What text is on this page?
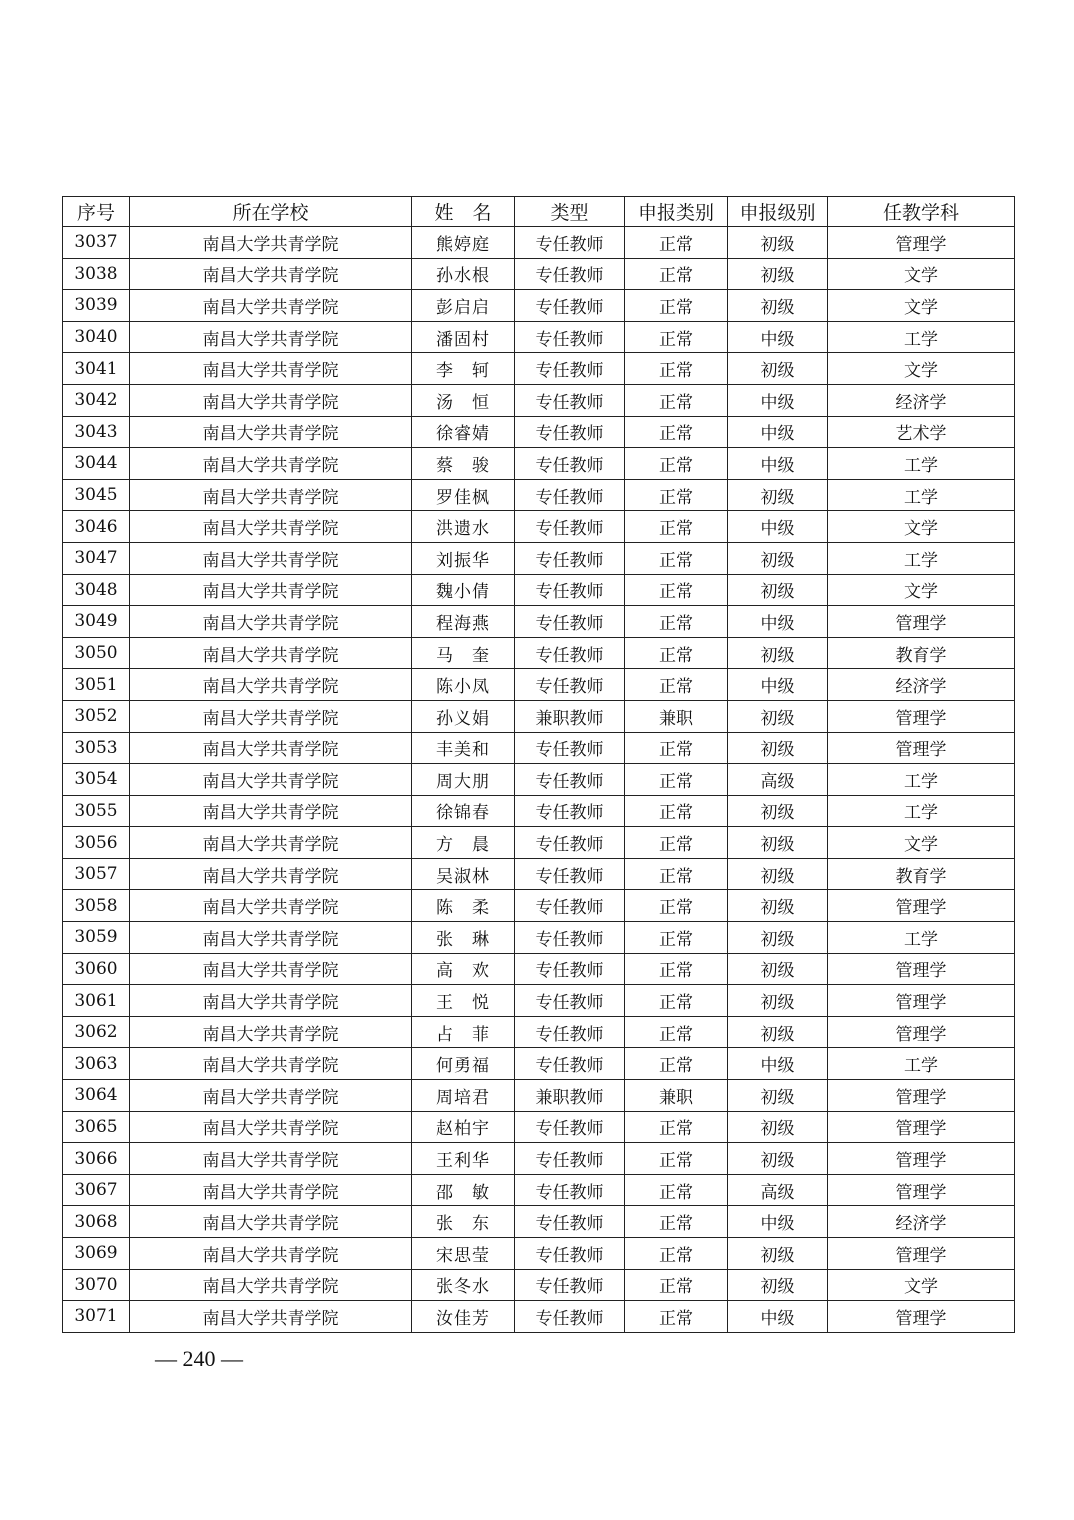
序号	所在学校	姓　名	类型	申报类别	申报级别	任教学科
3037	南昌大学共青学院	熊婷庭	专任教师	正常	初级	管理学
3038	南昌大学共青学院	孙水根	专任教师	正常	初级	文学
3039	南昌大学共青学院	彭启启	专任教师	正常	初级	文学
3040	南昌大学共青学院	潘固村	专任教师	正常	中级	工学
3041	南昌大学共青学院	李　轲	专任教师	正常	初级	文学
3042	南昌大学共青学院	汤　恒	专任教师	正常	中级	经济学
3043	南昌大学共青学院	徐睿婧	专任教师	正常	中级	艺术学
3044	南昌大学共青学院	蔡　骏	专任教师	正常	中级	工学
3045	南昌大学共青学院	罗佳枫	专任教师	正常	初级	工学
3046	南昌大学共青学院	洪遗水	专任教师	正常	中级	文学
3047	南昌大学共青学院	刘振华	专任教师	正常	初级	工学
3048	南昌大学共青学院	魏小倩	专任教师	正常	初级	文学
3049	南昌大学共青学院	程海燕	专任教师	正常	中级	管理学
3050	南昌大学共青学院	马　奎	专任教师	正常	初级	教育学
3051	南昌大学共青学院	陈小凤	专任教师	正常	中级	经济学
3052	南昌大学共青学院	孙义娟	兼职教师	兼职	初级	管理学
3053	南昌大学共青学院	丰美和	专任教师	正常	初级	管理学
3054	南昌大学共青学院	周大朋	专任教师	正常	高级	工学
3055	南昌大学共青学院	徐锦春	专任教师	正常	初级	工学
3056	南昌大学共青学院	方　晨	专任教师	正常	初级	文学
3057	南昌大学共青学院	吴淑林	专任教师	正常	初级	教育学
3058	南昌大学共青学院	陈　柔	专任教师	正常	初级	管理学
3059	南昌大学共青学院	张　琳	专任教师	正常	初级	工学
3060	南昌大学共青学院	高　欢	专任教师	正常	初级	管理学
3061	南昌大学共青学院	王　悦	专任教师	正常	初级	管理学
3062	南昌大学共青学院	占　菲	专任教师	正常	初级	管理学
3063	南昌大学共青学院	何勇福	专任教师	正常	中级	工学
3064	南昌大学共青学院	周培君	兼职教师	兼职	初级	管理学
3065	南昌大学共青学院	赵柏宇	专任教师	正常	初级	管理学
3066	南昌大学共青学院	王利华	专任教师	正常	初级	管理学
3067	南昌大学共青学院	邵　敏	专任教师	正常	高级	管理学
3068	南昌大学共青学院	张　东	专任教师	正常	中级	经济学
3069	南昌大学共青学院	宋思莹	专任教师	正常	初级	管理学
3070	南昌大学共青学院	张冬水	专任教师	正常	初级	文学
3071	南昌大学共青学院	汝佳芳	专任教师	正常	中级	管理学
— 240 —
